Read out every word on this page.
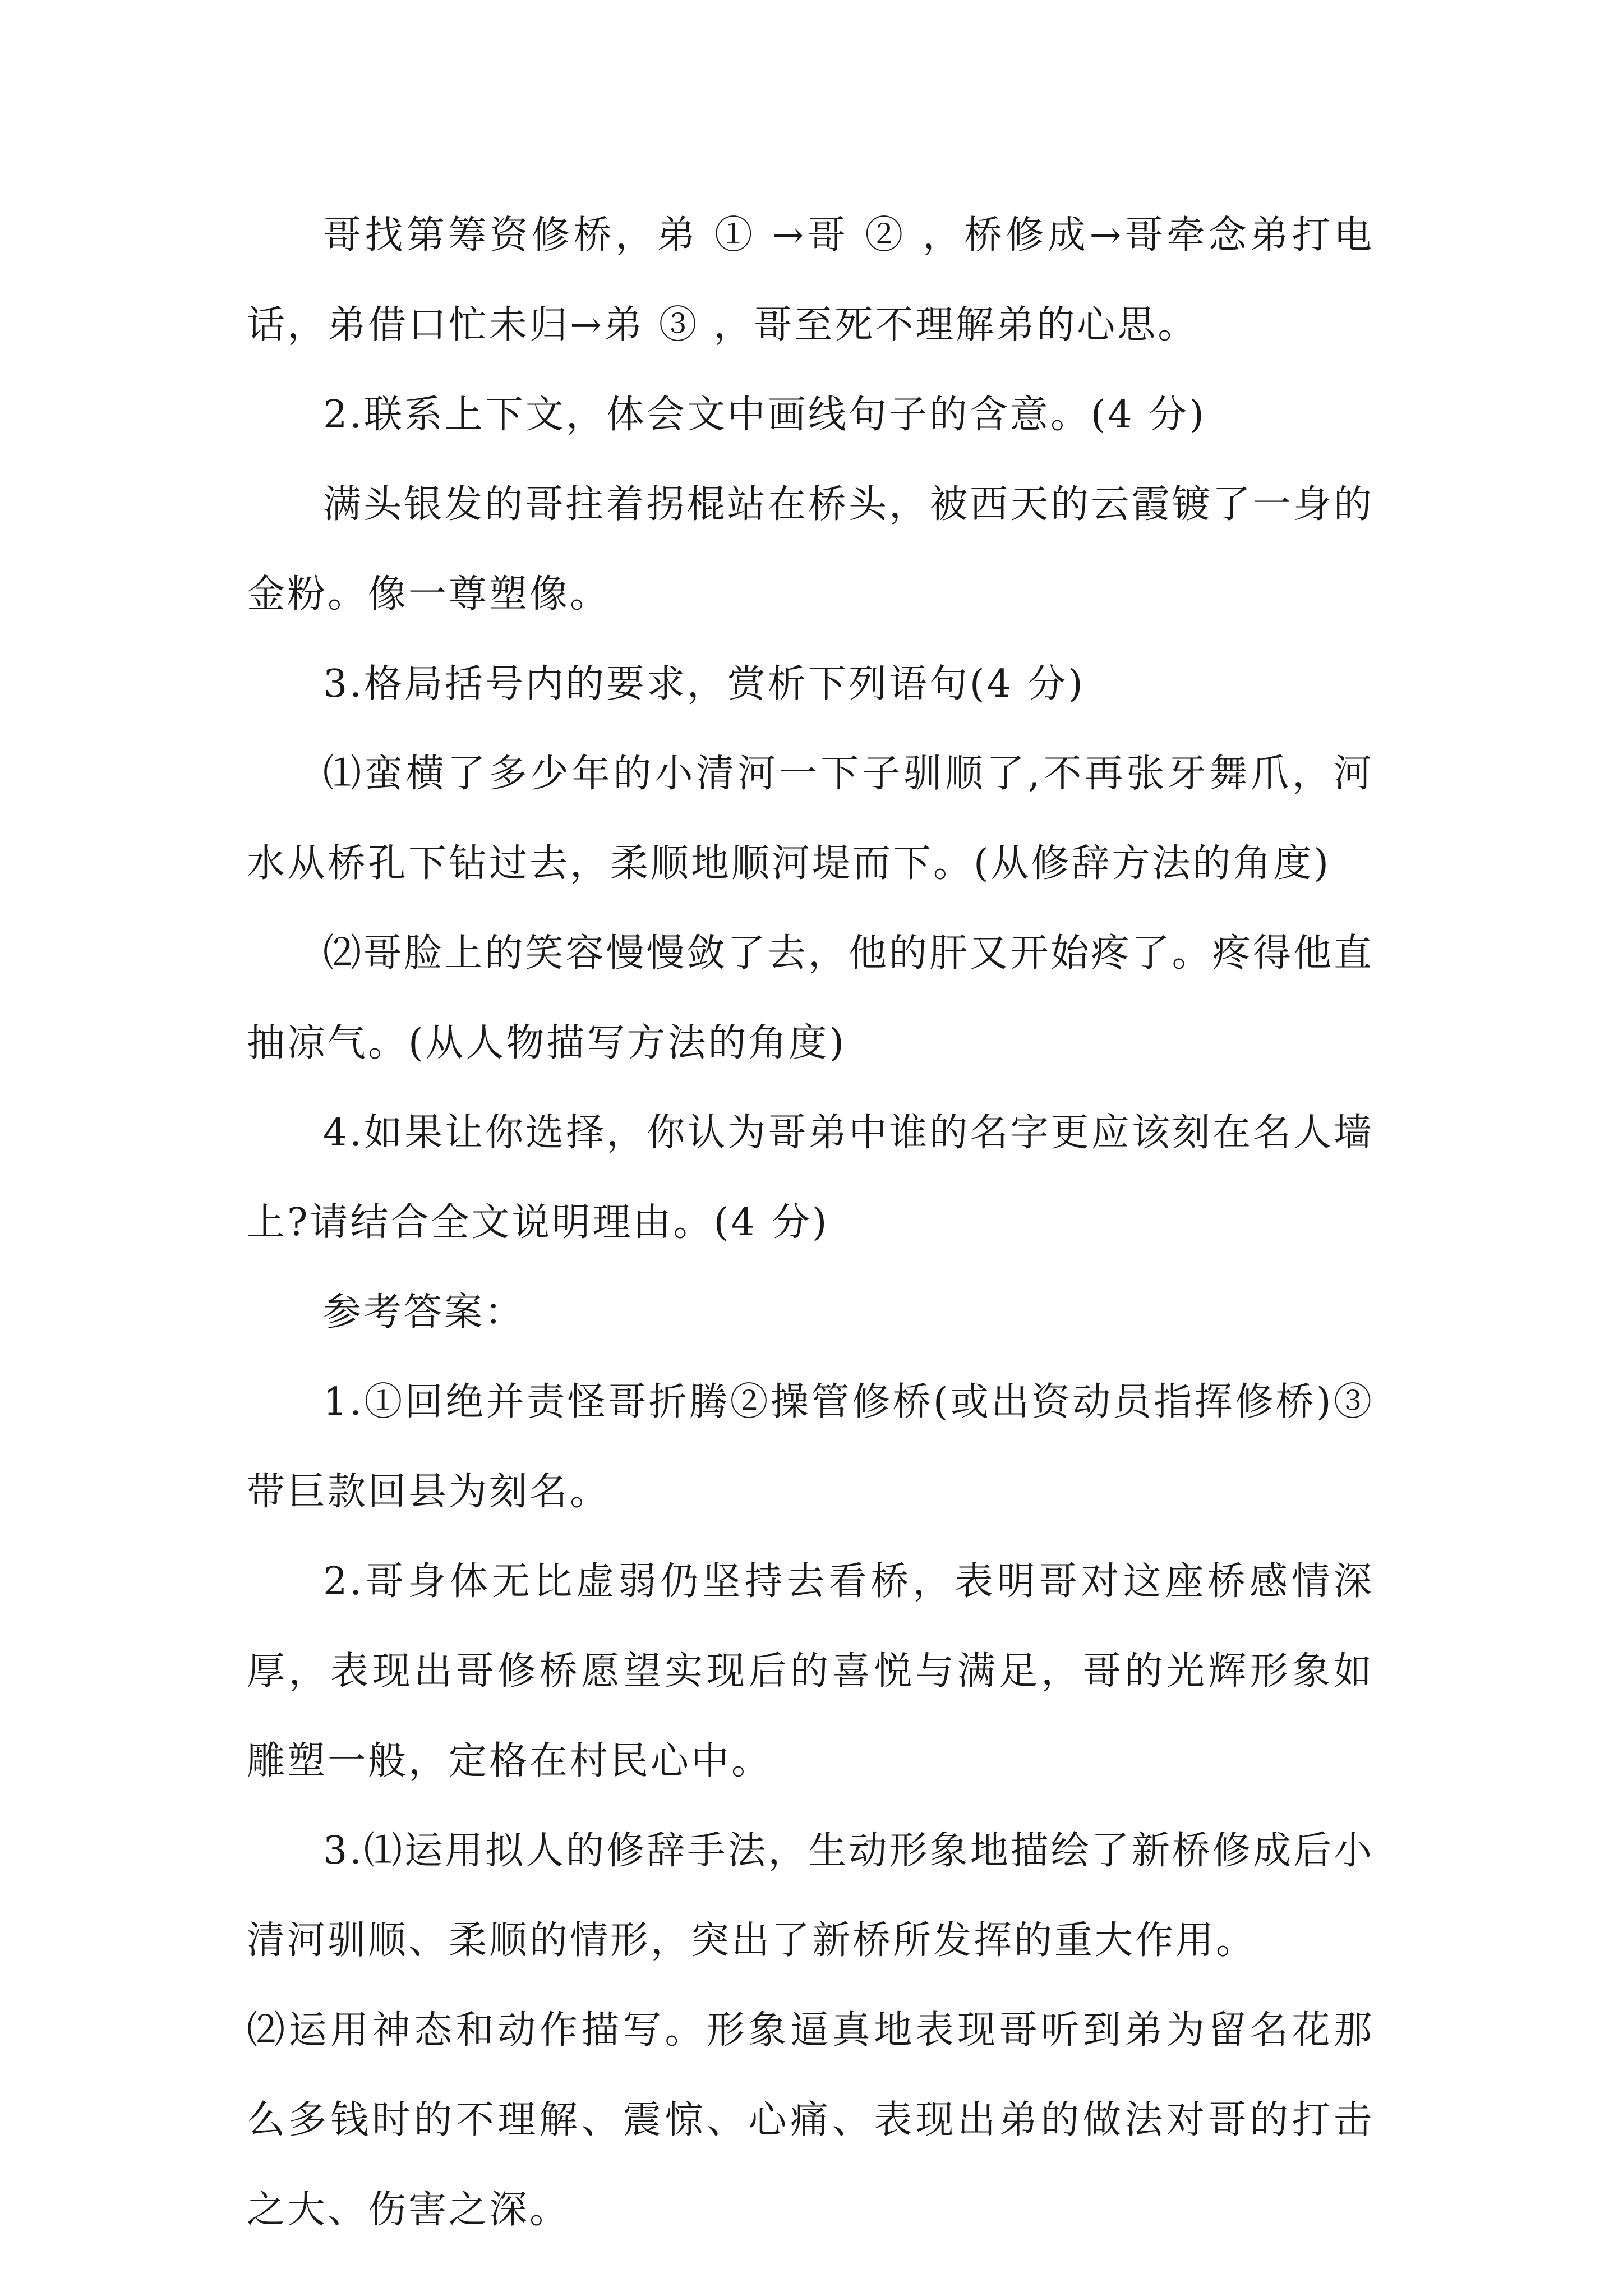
哥找第筹资修桥，弟 ① →哥 ② ，桥修成→哥牵念弟打电话，弟借口忙未归→弟 ③ ，哥至死不理解弟的心思。

2.联系上下文，体会文中画线句子的含意。(4 分)

满头银发的哥拄着拐棍站在桥头，被西天的云霞镀了一身的金粉。像一尊塑像。

3.格局括号内的要求，赏析下列语句(4 分)

⑴蛮横了多少年的小清河一下子驯顺了,不再张牙舞爪，河水从桥孔下钻过去，柔顺地顺河堤而下。(从修辞方法的角度)

⑵哥脸上的笑容慢慢敛了去，他的肝又开始疼了。疼得他直抽凉气。(从人物描写方法的角度)

4.如果让你选择，你认为哥弟中谁的名字更应该刻在名人墙上?请结合全文说明理由。(4 分)

参考答案：

1.①回绝并责怪哥折腾②操管修桥(或出资动员指挥修桥)③带巨款回县为刻名。

2.哥身体无比虚弱仍坚持去看桥，表明哥对这座桥感情深厚，表现出哥修桥愿望实现后的喜悦与满足，哥的光辉形象如雕塑一般，定格在村民心中。

3.⑴运用拟人的修辞手法，生动形象地描绘了新桥修成后小清河驯顺、柔顺的情形，突出了新桥所发挥的重大作用。

⑵运用神态和动作描写。形象逼真地表现哥听到弟为留名花那么多钱时的不理解、震惊、心痛、表现出弟的做法对哥的打击之大、伤害之深。
